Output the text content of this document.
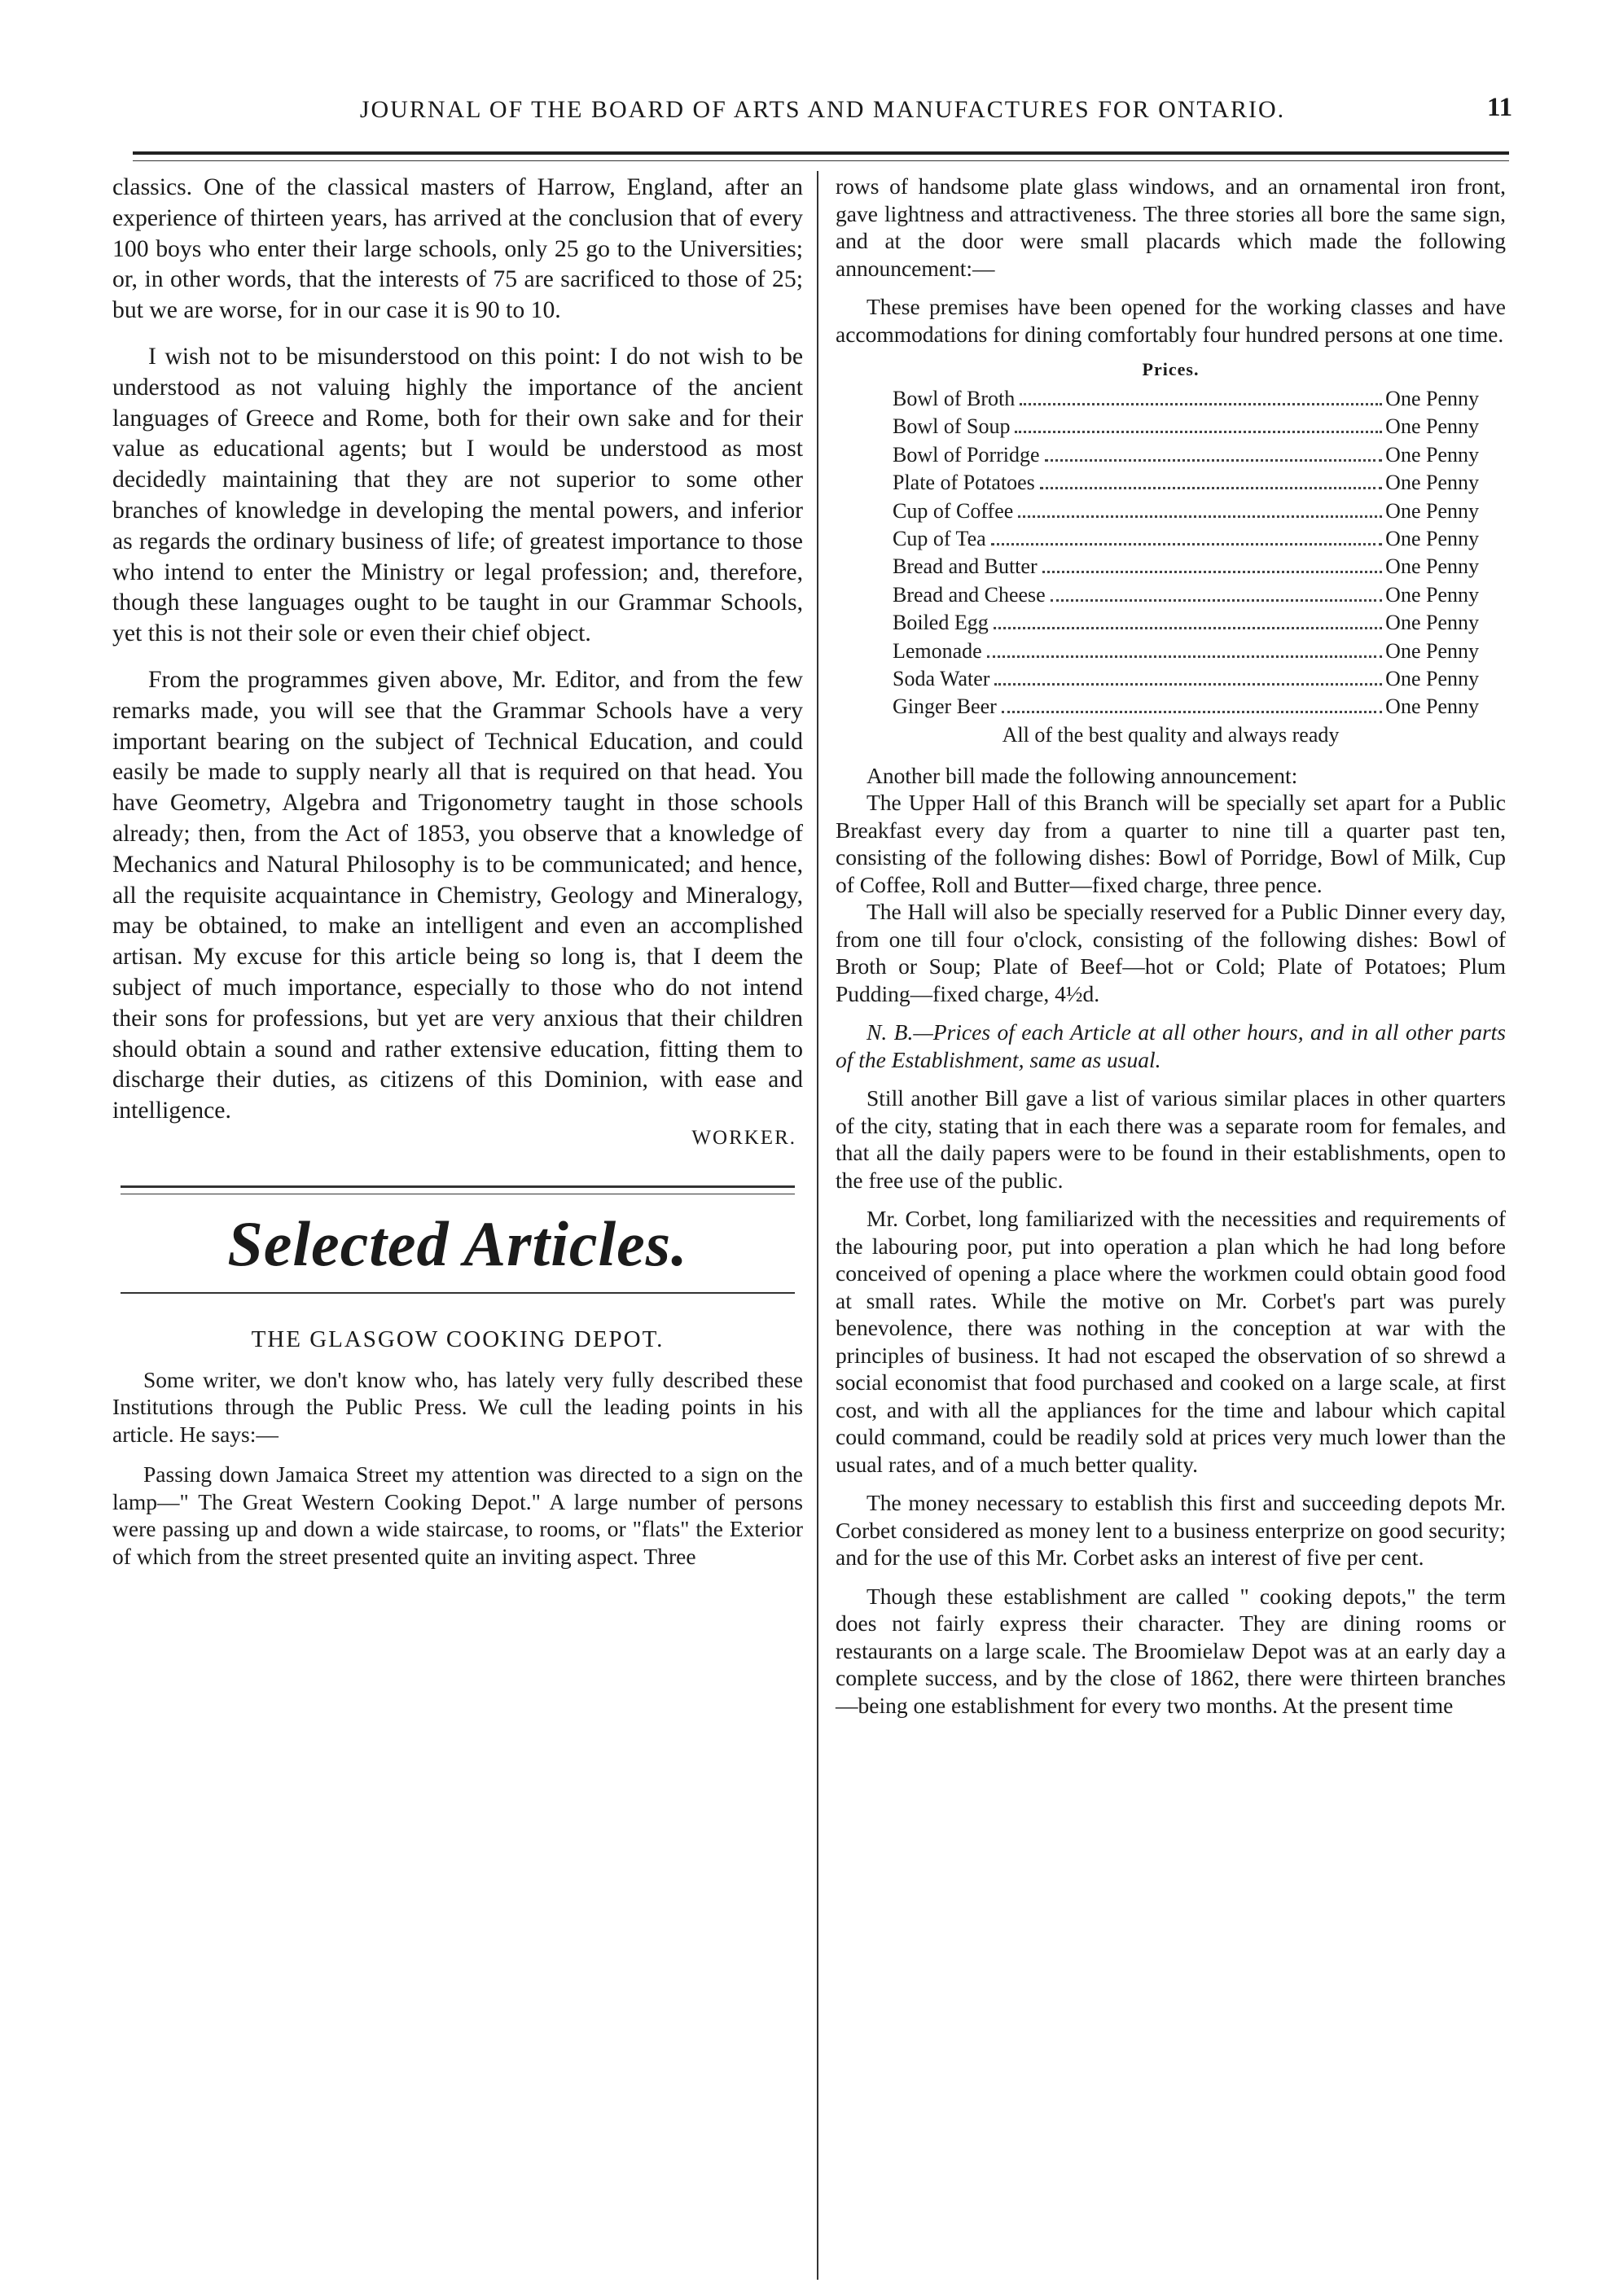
JOURNAL OF THE BOARD OF ARTS AND MANUFACTURES FOR ONTARIO.	11

classics. One of the classical masters of Harrow, England, after an experience of thirteen years, has arrived at the conclusion that of every 100 boys who enter their large schools, only 25 go to the Universities; or, in other words, that the interests of 75 are sacrificed to those of 25; but we are worse, for in our case it is 90 to 10.

I wish not to be misunderstood on this point: I do not wish to be understood as not valuing highly the importance of the ancient languages of Greece and Rome, both for their own sake and for their value as educational agents; but I would be understood as most decidedly maintaining that they are not superior to some other branches of knowledge in developing the mental powers, and inferior as regards the ordinary business of life; of greatest importance to those who intend to enter the Ministry or legal profession; and, therefore, though these languages ought to be taught in our Grammar Schools, yet this is not their sole or even their chief object.

From the programmes given above, Mr. Editor, and from the few remarks made, you will see that the Grammar Schools have a very important bearing on the subject of Technical Education, and could easily be made to supply nearly all that is required on that head. You have Geometry, Algebra and Trigonometry taught in those schools already; then, from the Act of 1853, you observe that a knowledge of Mechanics and Natural Philosophy is to be communicated; and hence, all the requisite acquaintance in Chemistry, Geology and Mineralogy, may be obtained, to make an intelligent and even an accomplished artisan. My excuse for this article being so long is, that I deem the subject of much importance, especially to those who do not intend their sons for professions, but yet are very anxious that their children should obtain a sound and rather extensive education, fitting them to discharge their duties, as citizens of this Dominion, with ease and intelligence.

WORKER.
Selected Articles.
THE GLASGOW COOKING DEPOT.

Some writer, we don't know who, has lately very fully described these Institutions through the Public Press. We cull the leading points in his article. He says:—

Passing down Jamaica Street my attention was directed to a sign on the lamp—" The Great Western Cooking Depot." A large number of persons were passing up and down a wide staircase, to rooms, or "flats" the Exterior of which from the street presented quite an inviting aspect. Three

rows of handsome plate glass windows, and an ornamental iron front, gave lightness and attractiveness. The three stories all bore the same sign, and at the door were small placards which made the following announcement:—

These premises have been opened for the working classes and have accommodations for dining comfortably four hundred persons at one time.

Prices.
Bowl of Broth	One Penny
Bowl of Soup	One Penny
Bowl of Porridge	One Penny
Plate of Potatoes	One Penny
Cup of Coffee	One Penny
Cup of Tea	One Penny
Bread and Butter	One Penny
Bread and Cheese	One Penny
Boiled Egg	One Penny
Lemonade	One Penny
Soda Water	One Penny
Ginger Beer	One Penny
All of the best quality and always ready

Another bill made the following announcement:

The Upper Hall of this Branch will be specially set apart for a Public Breakfast every day from a quarter to nine till a quarter past ten, consisting of the following dishes: Bowl of Porridge, Bowl of Milk, Cup of Coffee, Roll and Butter—fixed charge, three pence.

The Hall will also be specially reserved for a Public Dinner every day, from one till four o'clock, consisting of the following dishes: Bowl of Broth or Soup; Plate of Beef—hot or Cold; Plate of Potatoes; Plum Pudding—fixed charge, 4½d.

N. B.—Prices of each Article at all other hours, and in all other parts of the Establishment, same as usual.

Still another Bill gave a list of various similar places in other quarters of the city, stating that in each there was a separate room for females, and that all the daily papers were to be found in their establishments, open to the free use of the public.

Mr. Corbet, long familiarized with the necessities and requirements of the labouring poor, put into operation a plan which he had long before conceived of opening a place where the workmen could obtain good food at small rates. While the motive on Mr. Corbet's part was purely benevolence, there was nothing in the conception at war with the principles of business. It had not escaped the observation of so shrewd a social economist that food purchased and cooked on a large scale, at first cost, and with all the appliances for the time and labour which capital could command, could be readily sold at prices very much lower than the usual rates, and of a much better quality.

The money necessary to establish this first and succeeding depots Mr. Corbet considered as money lent to a business enterprize on good security; and for the use of this Mr. Corbet asks an interest of five per cent.

Though these establishment are called " cooking depots," the term does not fairly express their character. They are dining rooms or restaurants on a large scale. The Broomielaw Depot was at an early day a complete success, and by the close of 1862, there were thirteen branches—being one establishment for every two months. At the present time
